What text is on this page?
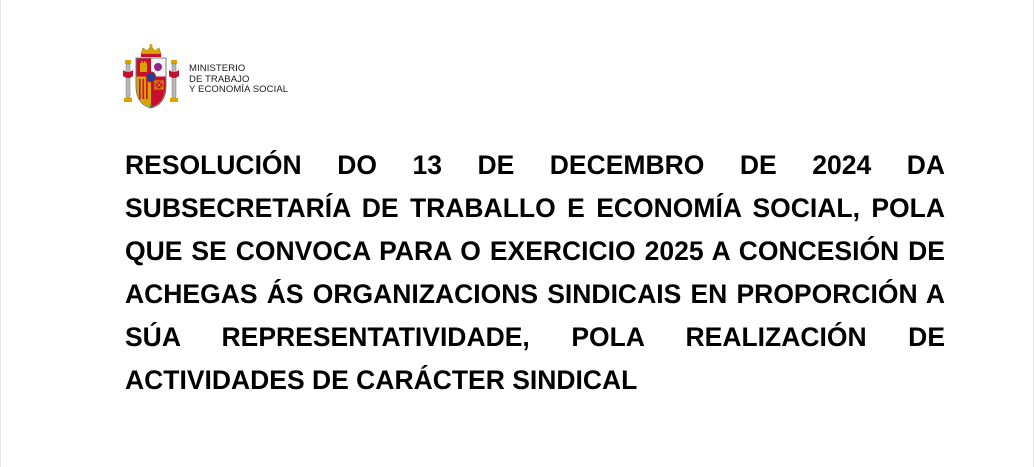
MINISTERIO
DE TRABAJO
Y ECONOMÍA SOCIAL
RESOLUCIÓN DO 13 DE DECEMBRO DE 2024 DA SUBSECRETARÍA DE TRABALLO E ECONOMÍA SOCIAL, POLA QUE SE CONVOCA PARA O EXERCICIO 2025 A CONCESIÓN DE ACHEGAS ÁS ORGANIZACIONS SINDICAIS EN PROPORCIÓN A SÚA REPRESENTATIVIDADE, POLA REALIZACIÓN DE ACTIVIDADES DE CARÁCTER SINDICAL
